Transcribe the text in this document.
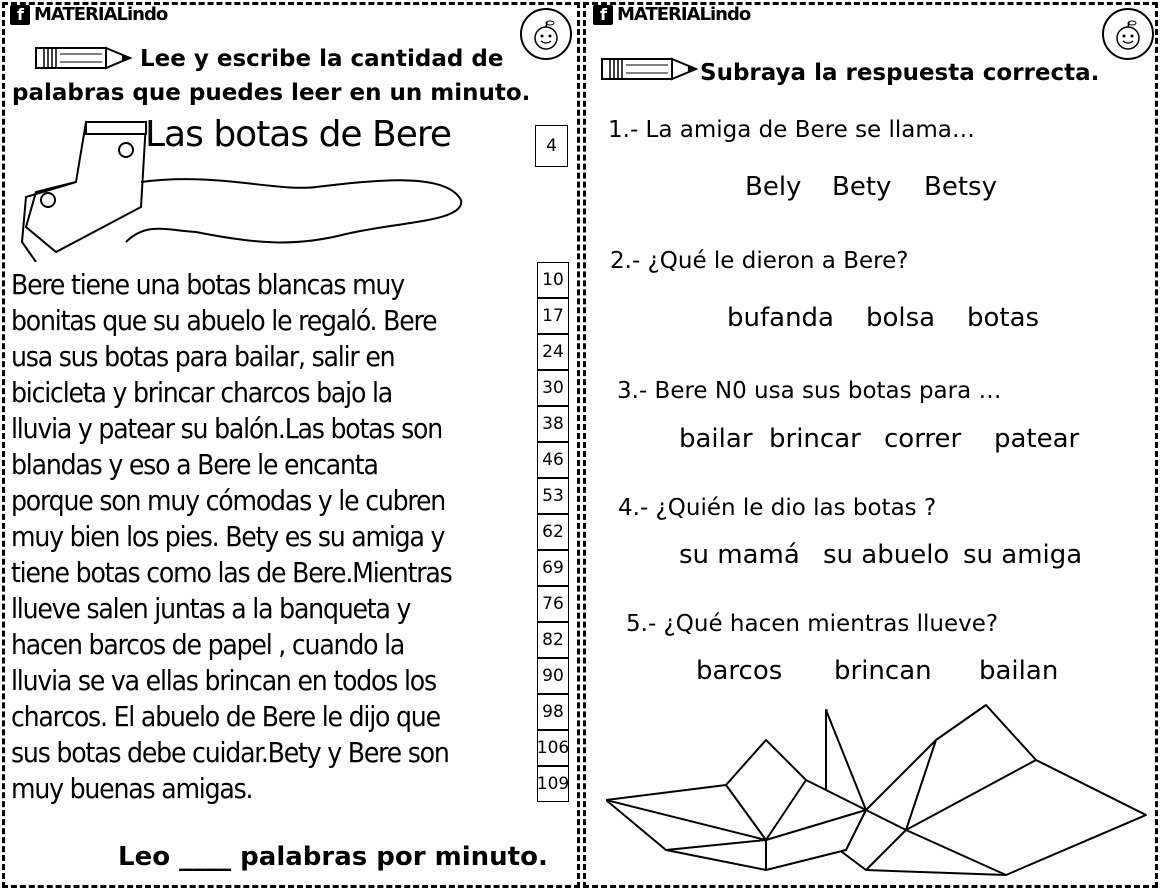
f MATERIALindo
Lee y escribe la cantidad de
palabras que puedes leer en un minuto.
Las botas de Bere	4
Bere tiene una botas blancas muy
bonitas que su abuelo le regaló. Bere
usa sus botas para bailar, salir en
bicicleta y brincar charcos bajo la
lluvia y patear su balón.Las botas son
blandas y eso a Bere le encanta
porque son muy cómodas y le cubren
muy bien los pies. Bety es su amiga y
tiene botas como las de Bere.Mientras
llueve salen juntas a la banqueta y
hacen barcos de papel , cuando la
lluvia se va ellas brincan en todos los
charcos. El abuelo de Bere le dijo que
sus botas debe cuidar.Bety y Bere son
muy buenas amigas.
10
17
24
30
38
46
53
62
69
76
82
90
98
106
109
Leo ____ palabras por minuto.
f MATERIALindo
Subraya la respuesta correcta.
1.- La amiga de Bere se llama…
Bely Bety Betsy
2.- ¿Qué le dieron a Bere?
bufanda bolsa botas
3.- Bere N0 usa sus botas para …
bailar brincar correr patear
4.- ¿Quién le dio las botas ?
su mamá su abuelo su amiga
5.- ¿Qué hacen mientras llueve?
barcos brincan bailan
